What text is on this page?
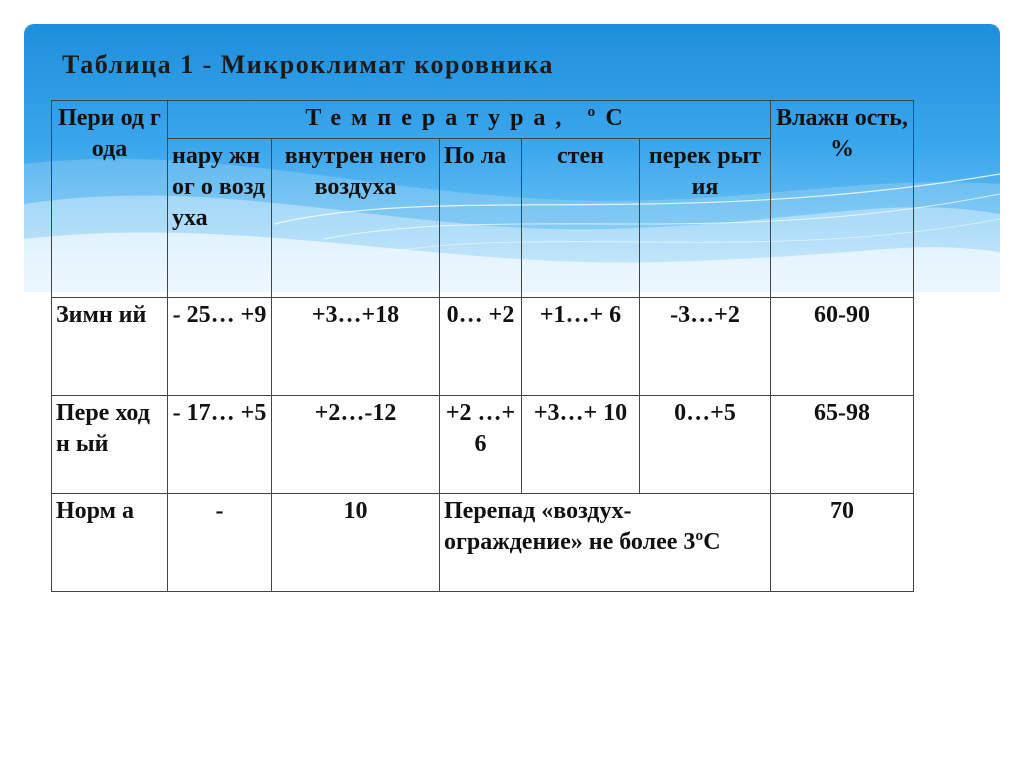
Таблица 1 - Микроклимат коровника
Пери од года	Температура, ºС					Влажн ость, %
	нару жног о возд уха	внутрен него воздуха	По ла	стен	перек рытия	
Зимн ий	- 25… +9	+3…+18	0… +2	+1…+ 6	-3…+2	60-90
Пере ходн ый	- 17… +5	+2…-12	+2 …+ 6	+3…+ 10	0…+5	65-98
Норм а	-	10	Перепад «воздух-ограждение» не более 3ºС			70
